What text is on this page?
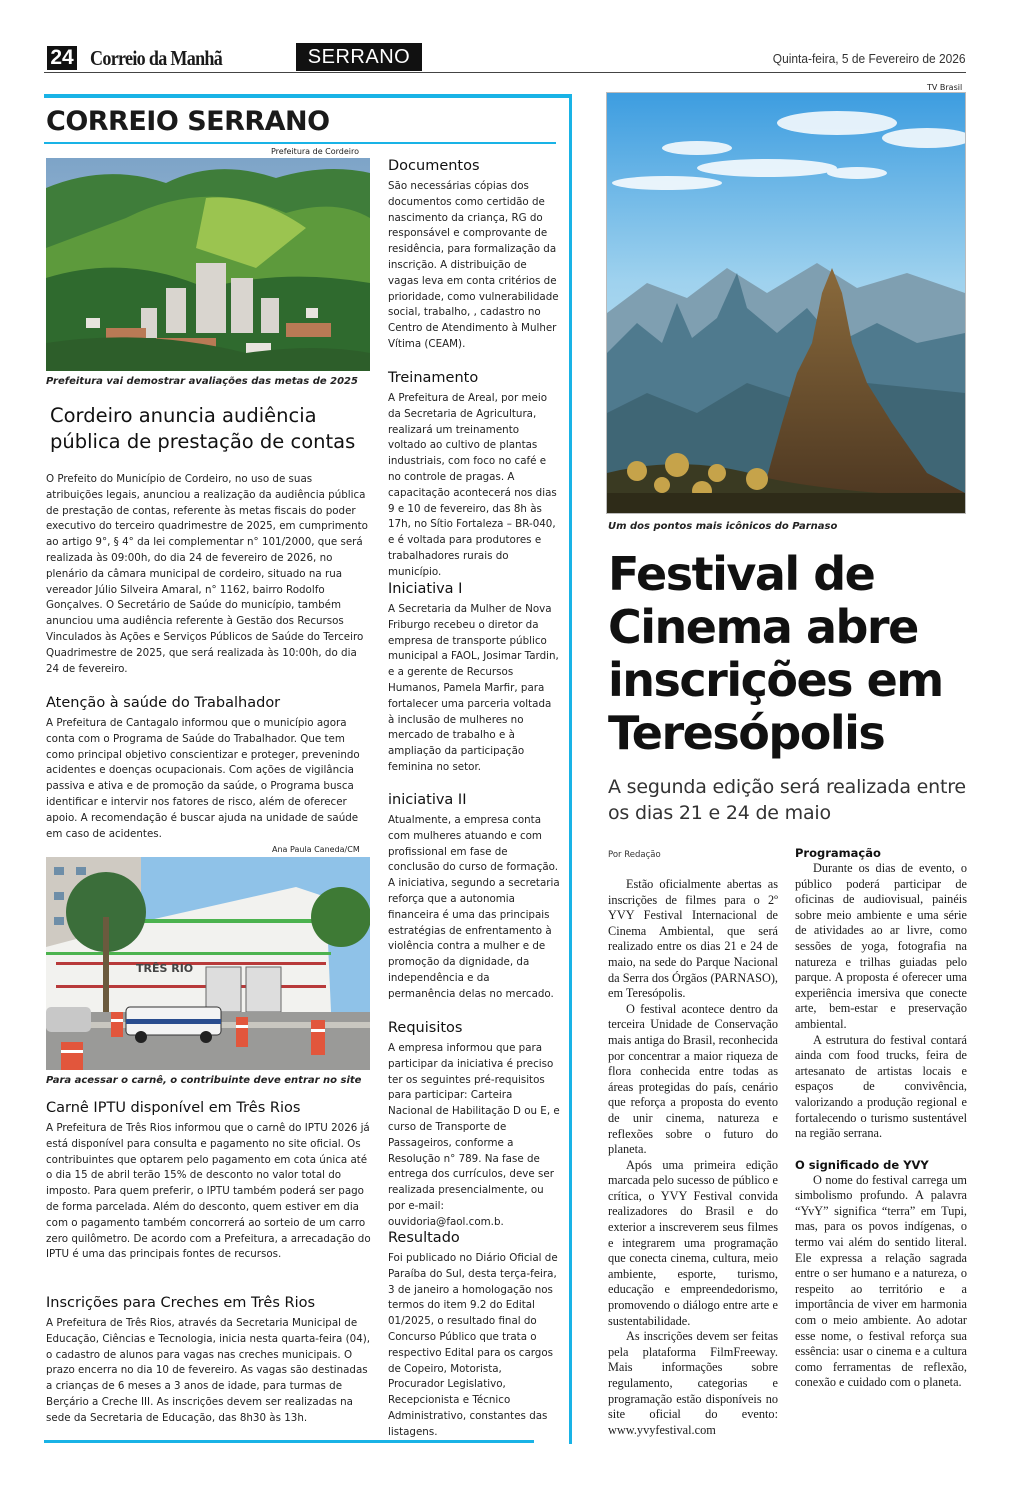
24 Correio da Manhã	SERRANO	Quinta-feira, 5 de Fevereiro de 2026
CORREIO SERRANO
Prefeitura de Cordeiro
Prefeitura vai demostrar avaliações das metas de 2025
Cordeiro anuncia audiência pública de prestação de contas
O Prefeito do Município de Cordeiro, no uso de suas atribuições legais, anunciou a realização da audiência pública de prestação de contas, referente às metas fiscais do poder executivo do terceiro quadrimestre de 2025, em cumprimento ao artigo 9°, § 4° da lei complementar n° 101/2000, que será realizada às 09:00h, do dia 24 de fevereiro de 2026, no plenário da câmara municipal de cordeiro, situado na rua vereador Júlio Silveira Amaral, n° 1162, bairro Rodolfo Gonçalves. O Secretário de Saúde do município, também anunciou uma audiência referente à Gestão dos Recursos Vinculados às Ações e Serviços Públicos de Saúde do Terceiro Quadrimestre de 2025, que será realizada às 10:00h, do dia 24 de fevereiro.
Atenção à saúde do Trabalhador
A Prefeitura de Cantagalo informou que o município agora conta com o Programa de Saúde do Trabalhador. Que tem como principal objetivo conscientizar e proteger, prevenindo acidentes e doenças ocupacionais. Com ações de vigilância passiva e ativa e de promoção da saúde, o Programa busca identificar e intervir nos fatores de risco, além de oferecer apoio. A recomendação é buscar ajuda na unidade de saúde em caso de acidentes.
Ana Paula Caneda/CM
TRÊS RIO
Para acessar o carnê, o contribuinte deve entrar no site
Carnê IPTU disponível em Três Rios
A Prefeitura de Três Rios informou que o carnê do IPTU 2026 já está disponível para consulta e pagamento no site oficial. Os contribuintes que optarem pelo pagamento em cota única até o dia 15 de abril terão 15% de desconto no valor total do imposto. Para quem preferir, o IPTU também poderá ser pago de forma parcelada. Além do desconto, quem estiver em dia com o pagamento também concorrerá ao sorteio de um carro zero quilômetro. De acordo com a Prefeitura, a arrecadação do IPTU é uma das principais fontes de recursos.
Inscrições para Creches em Três Rios
A Prefeitura de Três Rios, através da Secretaria Municipal de Educação, Ciências e Tecnologia, inicia nesta quarta-feira (04), o cadastro de alunos para vagas nas creches municipais. O prazo encerra no dia 10 de fevereiro. As vagas são destinadas a crianças de 6 meses a 3 anos de idade, para turmas de Berçário a Creche III. As inscrições devem ser realizadas na sede da Secretaria de Educação, das 8h30 às 13h.
Documentos
São necessárias cópias dos documentos como certidão de nascimento da criança, RG do responsável e comprovante de residência, para formalização da inscrição. A distribuição de vagas leva em conta critérios de prioridade, como vulnerabilidade social, trabalho, , cadastro no Centro de Atendimento à Mulher Vítima (CEAM).
Treinamento
A Prefeitura de Areal, por meio da Secretaria de Agricultura, realizará um treinamento voltado ao cultivo de plantas industriais, com foco no café e no controle de pragas. A capacitação acontecerá nos dias 9 e 10 de fevereiro, das 8h às 17h, no Sítio Fortaleza – BR-040, e é voltada para produtores e trabalhadores rurais do município.
Iniciativa I
A Secretaria da Mulher de Nova Friburgo recebeu o diretor da empresa de transporte público municipal a FAOL, Josimar Tardin, e a gerente de Recursos Humanos, Pamela Marfir, para fortalecer uma parceria voltada à inclusão de mulheres no mercado de trabalho e à ampliação da participação feminina no setor.
iniciativa II
Atualmente, a empresa conta com mulheres atuando e com profissional em fase de conclusão do curso de formação. A iniciativa, segundo a secretaria reforça que a autonomia financeira é uma das principais estratégias de enfrentamento à violência contra a mulher e de promoção da dignidade, da independência e da permanência delas no mercado.
Requisitos
A empresa informou que para participar da iniciativa é preciso ter os seguintes pré-requisitos para participar: Carteira Nacional de Habilitação D ou E, e curso de Transporte de Passageiros, conforme a Resolução n° 789. Na fase de entrega dos currículos, deve ser realizada presencialmente, ou por e-mail: ouvidoria@faol.com.b.
Resultado
Foi publicado no Diário Oficial de Paraíba do Sul, desta terça-feira, 3 de janeiro a homologação nos termos do item 9.2 do Edital 01/2025, o resultado final do Concurso Público que trata o respectivo Edital para os cargos de Copeiro, Motorista, Procurador Legislativo, Recepcionista e Técnico Administrativo, constantes das listagens.
TV Brasil
Um dos pontos mais icônicos do Parnaso
Festival de Cinema abre inscrições em Teresópolis
A segunda edição será realizada entre os dias 21 e 24 de maio
Por Redação

Estão oficialmente abertas as inscrições de filmes para o 2º YVY Festival Internacional de Cinema Ambiental, que será realizado entre os dias 21 e 24 de maio, na sede do Parque Nacional da Serra dos Órgãos (PARNASO), em Teresópolis.

O festival acontece dentro da terceira Unidade de Conservação mais antiga do Brasil, reconhecida por concentrar a maior riqueza de flora conhecida entre todas as áreas protegidas do país, cenário que reforça a proposta do evento de unir cinema, natureza e reflexões sobre o futuro do planeta.

Após uma primeira edição marcada pelo sucesso de público e crítica, o YVY Festival convida realizadores do Brasil e do exterior a inscreverem seus filmes e integrarem uma programação que conecta cinema, cultura, meio ambiente, esporte, turismo, educação e empreendedorismo, promovendo o diálogo entre arte e sustentabilidade.

As inscrições devem ser feitas pela plataforma FilmFreeway. Mais informações sobre regulamento, categorias e programação estão disponíveis no site oficial do evento: www.yvyfestival.com

Programação

Durante os dias de evento, o público poderá participar de oficinas de audiovisual, painéis sobre meio ambiente e uma série de atividades ao ar livre, como sessões de yoga, fotografia na natureza e trilhas guiadas pelo parque. A proposta é oferecer uma experiência imersiva que conecte arte, bem-estar e preservação ambiental.

A estrutura do festival contará ainda com food trucks, feira de artesanato de artistas locais e espaços de convivência, valorizando a produção regional e fortalecendo o turismo sustentável na região serrana.

O significado de YVY

O nome do festival carrega um simbolismo profundo. A palavra “YvY” significa “terra” em Tupi, mas, para os povos indígenas, o termo vai além do sentido literal. Ele expressa a relação sagrada entre o ser humano e a natureza, o respeito ao território e a importância de viver em harmonia com o meio ambiente. Ao adotar esse nome, o festival reforça sua essência: usar o cinema e a cultura como ferramentas de reflexão, conexão e cuidado com o planeta.
